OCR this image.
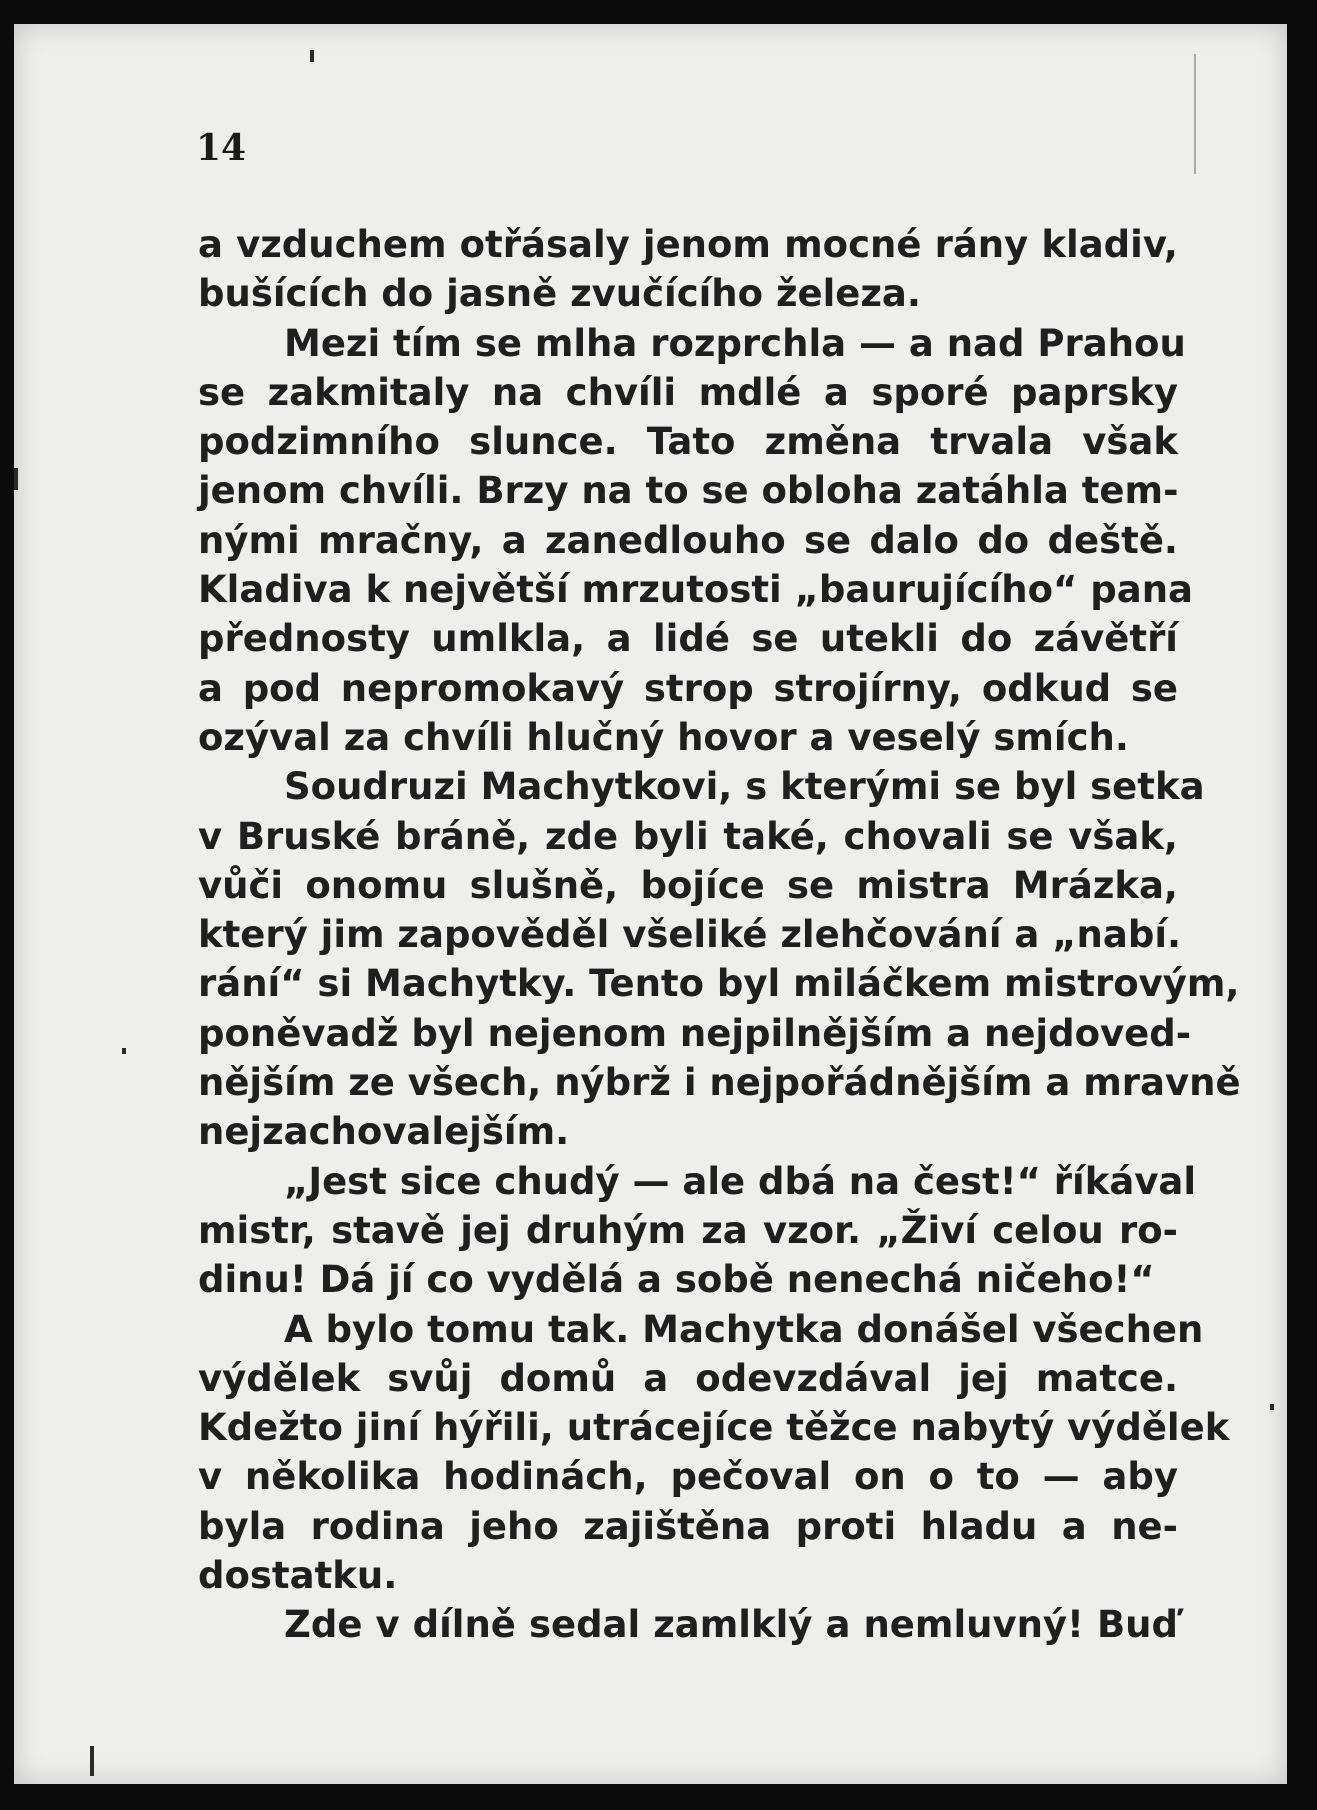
14

a vzduchem otřásaly jenom mocné rány kladiv,
bušících do jasně zvučícího železa.
Mezi tím se mlha rozprchla — a nad Prahou
se zakmitaly na chvíli mdlé a sporé paprsky
podzimního slunce. Tato změna trvala však
jenom chvíli. Brzy na to se obloha zatáhla tem-
nými mračny, a zanedlouho se dalo do deště.
Kladiva k největší mrzutosti „baurujícího“ pana
přednosty umlkla, a lidé se utekli do závětří
a pod nepromokavý strop strojírny, odkud se
ozýval za chvíli hlučný hovor a veselý smích.
Soudruzi Machytkovi, s kterými se byl setka
v Bruské bráně, zde byli také, chovali se však,
vůči onomu slušně, bojíce se mistra Mrázka,
který jim zapověděl všeliké zlehčování a „nabí.
rání“ si Machytky. Tento byl miláčkem mistrovým,
poněvadž byl nejenom nejpilnějším a nejdoved-
nějším ze všech, nýbrž i nejpořádnějším a mravně
nejzachovalejším.
„Jest sice chudý — ale dbá na čest!“ říkával
mistr, stavě jej druhým za vzor. „Živí celou ro-
dinu! Dá jí co vydělá a sobě nenechá ničeho!“
A bylo tomu tak. Machytka donášel všechen
výdělek svůj domů a odevzdával jej matce.
Kdežto jiní hýřili, utrácejíce těžce nabytý výdělek
v několika hodinách, pečoval on o to — aby
byla rodina jeho zajištěna proti hladu a ne-
dostatku.
Zde v dílně sedal zamlklý a nemluvný! Buď
